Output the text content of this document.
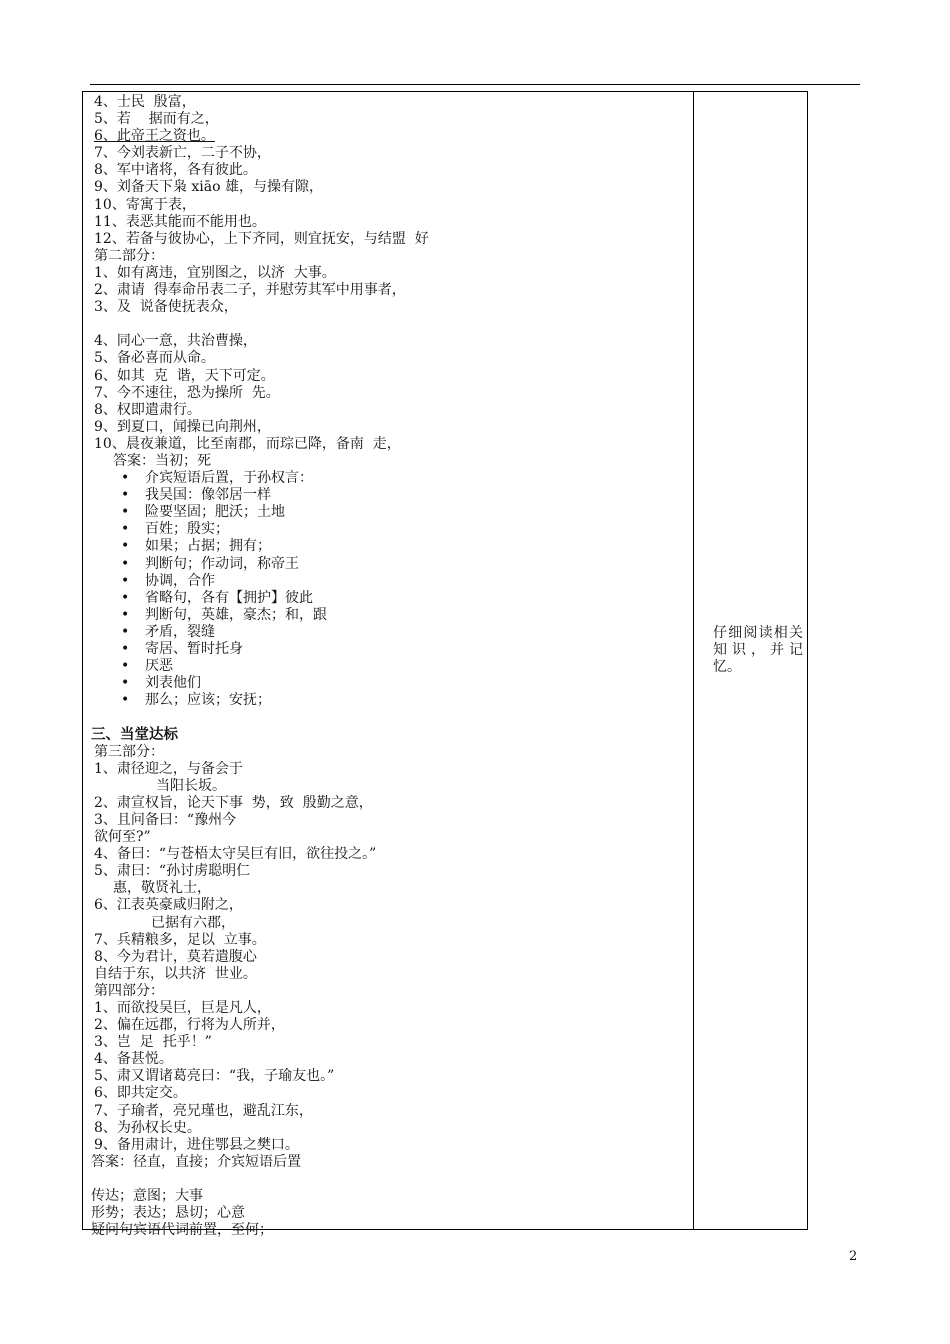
4、士民  殷富，
5、若    据而有之，
6、此帝王之资也。
7、今刘表新亡，二子不协，
8、军中诸将，各有彼此。
9、刘备天下枭 xiāo 雄，与操有隙，
10、寄寓于表，
11、表恶其能而不能用也。
12、若备与彼协心，上下齐同，则宜抚安，与结盟  好
第二部分：
1、如有离违，宜别图之，以济  大事。
2、肃请  得奉命吊表二子，并慰劳其军中用事者，
3、及  说备使抚表众，
4、同心一意，共治曹操，
5、备必喜而从命。
6、如其  克  谐，天下可定。
7、今不速往，恐为操所  先。
8、权即遣肃行。
9、到夏口，闻操已向荆州，
10、晨夜兼道，比至南郡，而琮已降，备南  走，
答案：当初；死
• 介宾短语后置，于孙权言：
• 我吴国：像邻居一样
• 险要坚固；肥沃；土地
• 百姓；殷实；
• 如果；占据；拥有；
• 判断句；作动词，称帝王
• 协调，合作
• 省略句，各有【拥护】彼此
• 判断句，英雄，豪杰；和，跟
• 矛盾，裂缝
• 寄居、暂时托身
• 厌恶
• 刘表他们
• 那么；应该；安抚；
三、当堂达标
第三部分：
1、肃径迎之，与备会于
当阳长坂。
2、肃宣权旨，论天下事  势，致  殷勤之意，
3、且问备曰：“豫州今
欲何至?”
4、备曰：“与苍梧太守吴巨有旧，欲往投之。”
5、肃曰：“孙讨虏聪明仁
惠，敬贤礼士，
6、江表英豪咸归附之，
已据有六郡，
7、兵精粮多，足以  立事。
8、今为君计，莫若遣腹心
自结于东，以共济  世业。
第四部分：
1、而欲投吴巨，巨是凡人，
2、偏在远郡，行将为人所并，
3、岂  足  托乎！”
4、备甚悦。
5、肃又谓诸葛亮曰：“我，子瑜友也。”
6、即共定交。
7、子瑜者，亮兄瑾也，避乱江东，
8、为孙权长史。
9、备用肃计，进住鄂县之樊口。
答案：径直，直接；介宾短语后置
传达；意图；大事
形势；表达；恳切；心意
疑问句宾语代词前置，至何；
仔细阅读相关知识，并记忆。
2
